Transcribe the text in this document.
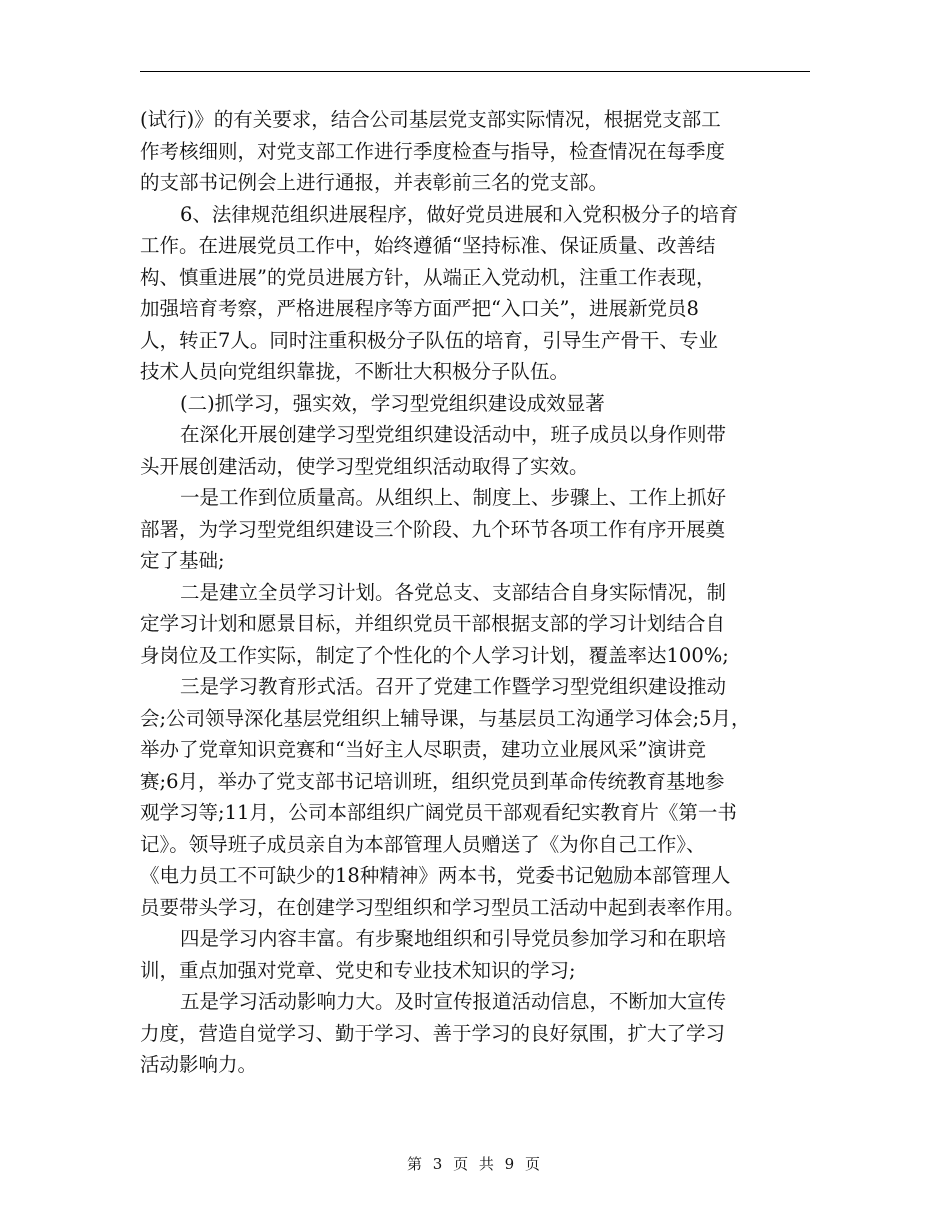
(试行)》的有关要求，结合公司基层党支部实际情况，根据党支部工
作考核细则，对党支部工作进行季度检查与指导，检查情况在每季度
的支部书记例会上进行通报，并表彰前三名的党支部。
6、法律规范组织进展程序，做好党员进展和入党积极分子的培育
工作。在进展党员工作中，始终遵循“坚持标准、保证质量、改善结
构、慎重进展”的党员进展方针，从端正入党动机，注重工作表现，
加强培育考察，严格进展程序等方面严把“入口关”，进展新党员8
人，转正7人。同时注重积极分子队伍的培育，引导生产骨干、专业
技术人员向党组织靠拢，不断壮大积极分子队伍。
(二)抓学习，强实效，学习型党组织建设成效显著
在深化开展创建学习型党组织建设活动中，班子成员以身作则带
头开展创建活动，使学习型党组织活动取得了实效。
一是工作到位质量高。从组织上、制度上、步骤上、工作上抓好
部署，为学习型党组织建设三个阶段、九个环节各项工作有序开展奠
定了基础;
二是建立全员学习计划。各党总支、支部结合自身实际情况，制
定学习计划和愿景目标，并组织党员干部根据支部的学习计划结合自
身岗位及工作实际，制定了个性化的个人学习计划，覆盖率达100%;
三是学习教育形式活。召开了党建工作暨学习型党组织建设推动
会;公司领导深化基层党组织上辅导课，与基层员工沟通学习体会;5月，
举办了党章知识竞赛和“当好主人尽职责，建功立业展风采”演讲竞
赛;6月，举办了党支部书记培训班，组织党员到革命传统教育基地参
观学习等;11月，公司本部组织广阔党员干部观看纪实教育片《第一书
记》。领导班子成员亲自为本部管理人员赠送了《为你自己工作》、
《电力员工不可缺少的18种精神》两本书，党委书记勉励本部管理人
员要带头学习，在创建学习型组织和学习型员工活动中起到表率作用。
四是学习内容丰富。有步聚地组织和引导党员参加学习和在职培
训，重点加强对党章、党史和专业技术知识的学习;
五是学习活动影响力大。及时宣传报道活动信息，不断加大宣传
力度，营造自觉学习、勤于学习、善于学习的良好氛围，扩大了学习
活动影响力。
第 3 页 共 9 页
